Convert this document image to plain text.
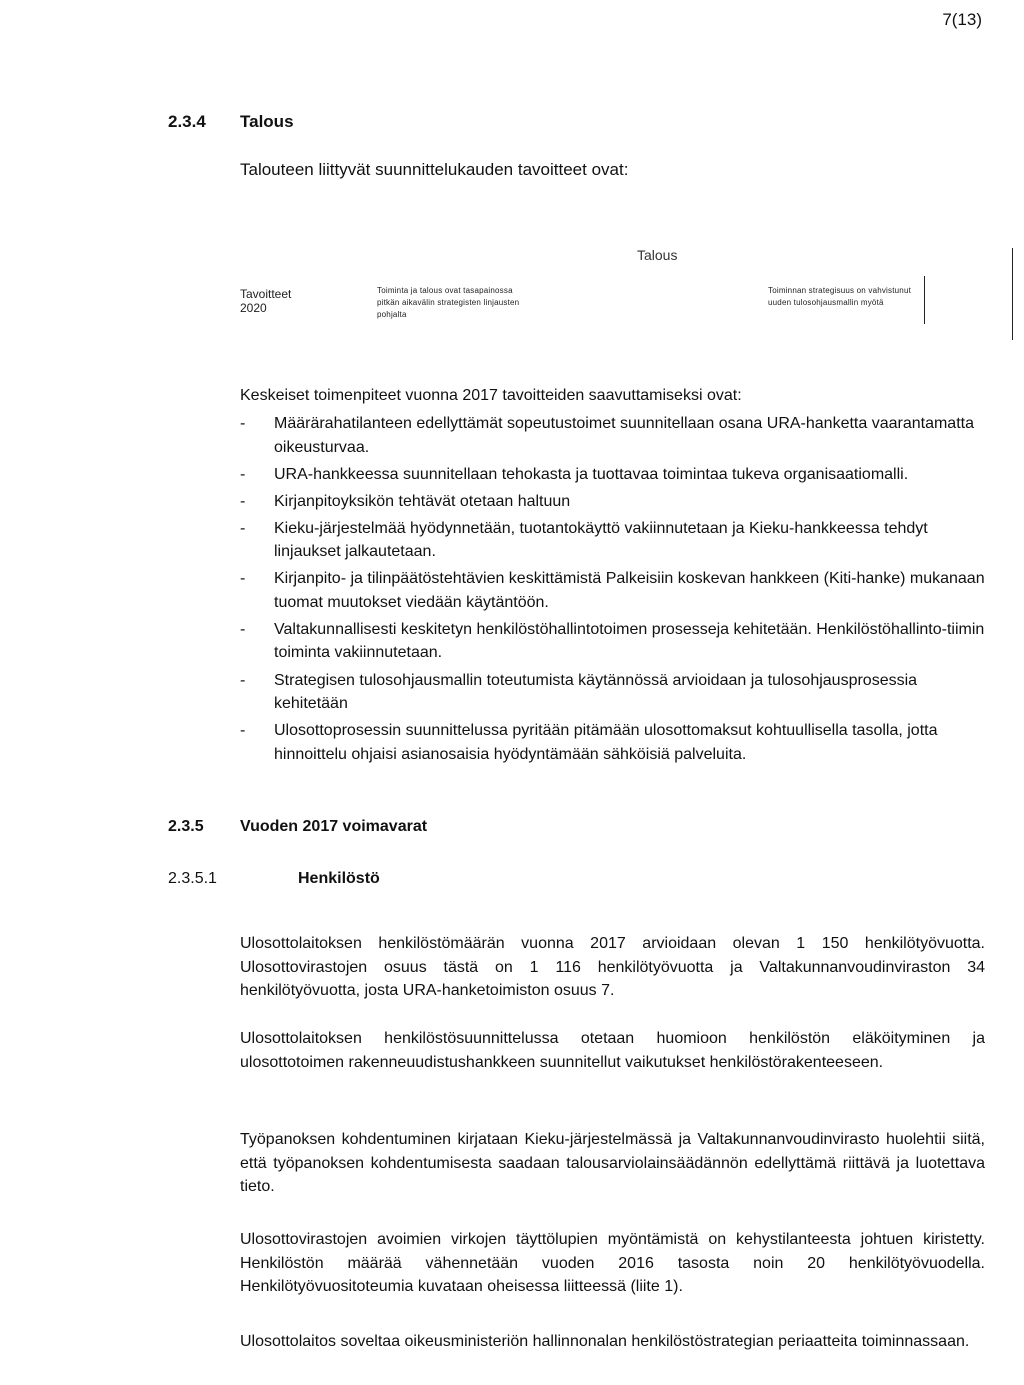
7(13)
2.3.4 Talous
Talouteen liittyvät suunnittelukauden tavoitteet ovat:
Talous
Tavoitteet 2020
Toiminta ja talous ovat tasapainossa pitkän aikavälin strategisten linjausten pohjalta
Toiminnan strategisuus on vahvistunut uuden tulosohjausmallin myötä
Keskeiset toimenpiteet vuonna 2017 tavoitteiden saavuttamiseksi ovat:
- Määrärahatilanteen edellyttämät sopeutustoimet suunnitellaan osana URA-hanketta vaarantamatta oikeusturvaa.
- URA-hankkeessa suunnitellaan tehokasta ja tuottavaa toimintaa tukeva organisaatiomalli.
- Kirjanpitoyksikön tehtävät otetaan haltuun
- Kieku-järjestelmää hyödynnetään, tuotantokäyttö vakiinnutetaan ja Kieku-hankkeessa tehdyt linjaukset jalkautetaan.
- Kirjanpito- ja tilinpäätöstehtävien keskittämistä Palkeisiin koskevan hankkeen (Kiti-hanke) mukanaan tuomat muutokset viedään käytäntöön.
- Valtakunnallisesti keskitetyn henkilöstöhallintotoimen prosesseja kehitetään. Henkilöstöhallinto-tiimin toiminta vakiinnutetaan.
- Strategisen tulosohjausmallin toteutumista käytännössä arvioidaan ja tulosohjausprosessia kehitetään
- Ulosottoprosessin suunnittelussa pyritään pitämään ulosottomaksut kohtuullisella tasolla, jotta hinnoittelu ohjaisi asianosaisia hyödyntämään sähköisiä palveluita.
2.3.5 Vuoden 2017 voimavarat
2.3.5.1	Henkilöstö
Ulosottolaitoksen henkilöstömäärän vuonna 2017 arvioidaan olevan 1 150 henkilötyövuotta. Ulosottovirastojen osuus tästä on 1 116 henkilötyövuotta ja Valtakunnanvoudinviraston 34 henkilötyövuotta, josta URA-hanketoimiston osuus 7.
Ulosottolaitoksen henkilöstösuunnittelussa otetaan huomioon henkilöstön eläköityminen ja ulosottotoimen rakenneuudistushankkeen suunnitellut vaikutukset henkilöstörakenteeseen.
Työpanoksen kohdentuminen kirjataan Kieku-järjestelmässä ja Valtakunnanvoudinvirasto huolehtii siitä, että työpanoksen kohdentumisesta saadaan talousarviolainsäädännön edellyttämä riittävä ja luotettava tieto.
Ulosottovirastojen avoimien virkojen täyttölupien myöntämistä on kehystilanteesta johtuen kiristetty. Henkilöstön määrää vähennetään vuoden 2016 tasosta noin 20 henkilötyövuodella. Henkilötyövuositoteumia kuvataan oheisessa liitteessä (liite 1).
Ulosottolaitos soveltaa oikeusministeriön hallinnonalan henkilöstöstrategian periaatteita toiminnassaan.
